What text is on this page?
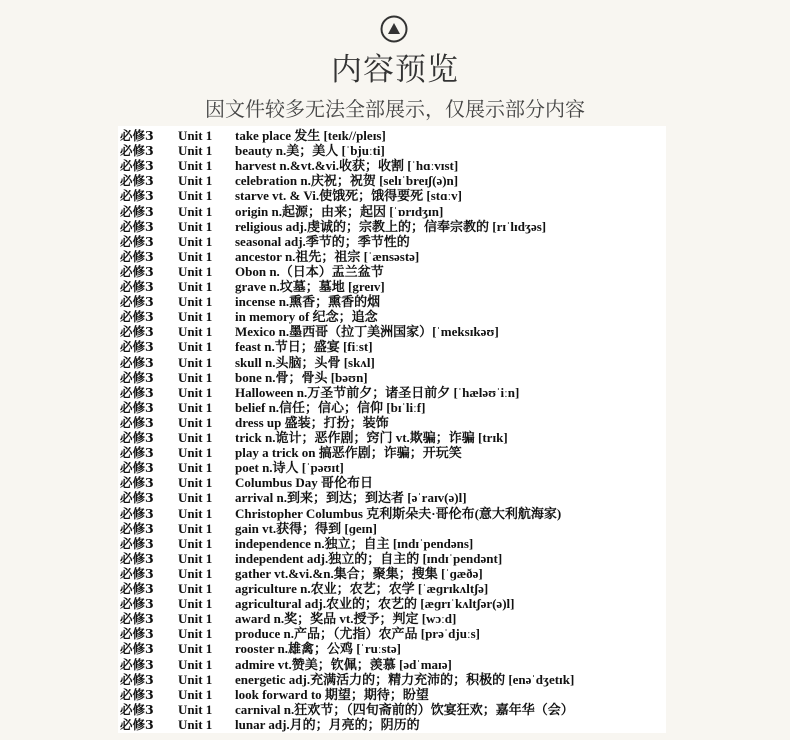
内容预览
因文件较多无法全部展示，仅展示部分内容
必修3 Unit 1 take place 发生 [teɪk//pleɪs]
必修3 Unit 1 beauty n.美；美人 [ˈbjuːti]
必修3 Unit 1 harvest n.&vt.&vi.收获；收割 [ˈhɑːvɪst]
必修3 Unit 1 celebration n.庆祝；祝贺 [selɪˈbreɪʃ(ə)n]
必修3 Unit 1 starve vt. & Vi.使饿死；饿得要死 [stɑːv]
必修3 Unit 1 origin n.起源；由来；起因 [ˈɒrɪdʒɪn]
必修3 Unit 1 religious adj.虔诚的；宗教上的；信奉宗教的 [rɪˈlɪdʒəs]
必修3 Unit 1 seasonal adj.季节的；季节性的
必修3 Unit 1 ancestor n.祖先；祖宗 [ˈænsəstə]
必修3 Unit 1 Obon n.（日本）盂兰盆节
必修3 Unit 1 grave n.坟墓；墓地 [greɪv]
必修3 Unit 1 incense n.熏香；熏香的烟
必修3 Unit 1 in memory of 纪念；追念
必修3 Unit 1 Mexico n.墨西哥（拉丁美洲国家）[ˈmeksɪkəʊ]
必修3 Unit 1 feast n.节日；盛宴 [fiːst]
必修3 Unit 1 skull n.头脑；头骨 [skʌl]
必修3 Unit 1 bone n.骨；骨头 [bəʊn]
必修3 Unit 1 Halloween n.万圣节前夕；诸圣日前夕 [ˈhæləʊˈiːn]
必修3 Unit 1 belief n.信任；信心；信仰 [bɪˈliːf]
必修3 Unit 1 dress up 盛装；打扮；装饰
必修3 Unit 1 trick n.诡计；恶作剧；窍门 vt.欺骗；诈骗 [trɪk]
必修3 Unit 1 play a trick on 搞恶作剧；诈骗；开玩笑
必修3 Unit 1 poet n.诗人 [ˈpəʊɪt]
必修3 Unit 1 Columbus Day 哥伦布日
必修3 Unit 1 arrival n.到来；到达；到达者 [əˈraɪv(ə)l]
必修3 Unit 1 Christopher Columbus 克利斯朵夫·哥伦布(意大利航海家)
必修3 Unit 1 gain vt.获得；得到 [ɡeɪn]
必修3 Unit 1 independence n.独立；自主 [ɪndɪˈpendəns]
必修3 Unit 1 independent adj.独立的；自主的 [ɪndɪˈpendənt]
必修3 Unit 1 gather vt.&vi.&n.集合；聚集；搜集 [ˈɡæðə]
必修3 Unit 1 agriculture n.农业；农艺；农学 [ˈæɡrɪkʌltʃə]
必修3 Unit 1 agricultural adj.农业的；农艺的 [æɡrɪˈkʌltʃər(ə)l]
必修3 Unit 1 award n.奖；奖品 vt.授予；判定 [wɔːd]
必修3 Unit 1 produce n.产品；（尤指）农产品 [prəˈdjuːs]
必修3 Unit 1 rooster n.雄禽；公鸡 [ˈruːstə]
必修3 Unit 1 admire vt.赞美；钦佩；羡慕 [ədˈmaɪə]
必修3 Unit 1 energetic adj.充满活力的；精力充沛的；积极的 [enəˈdʒetɪk]
必修3 Unit 1 look forward to 期望；期待；盼望
必修3 Unit 1 carnival n.狂欢节；（四旬斋前的）饮宴狂欢；嘉年华（会）
必修3 Unit 1 lunar adj.月的；月亮的；阴历的
